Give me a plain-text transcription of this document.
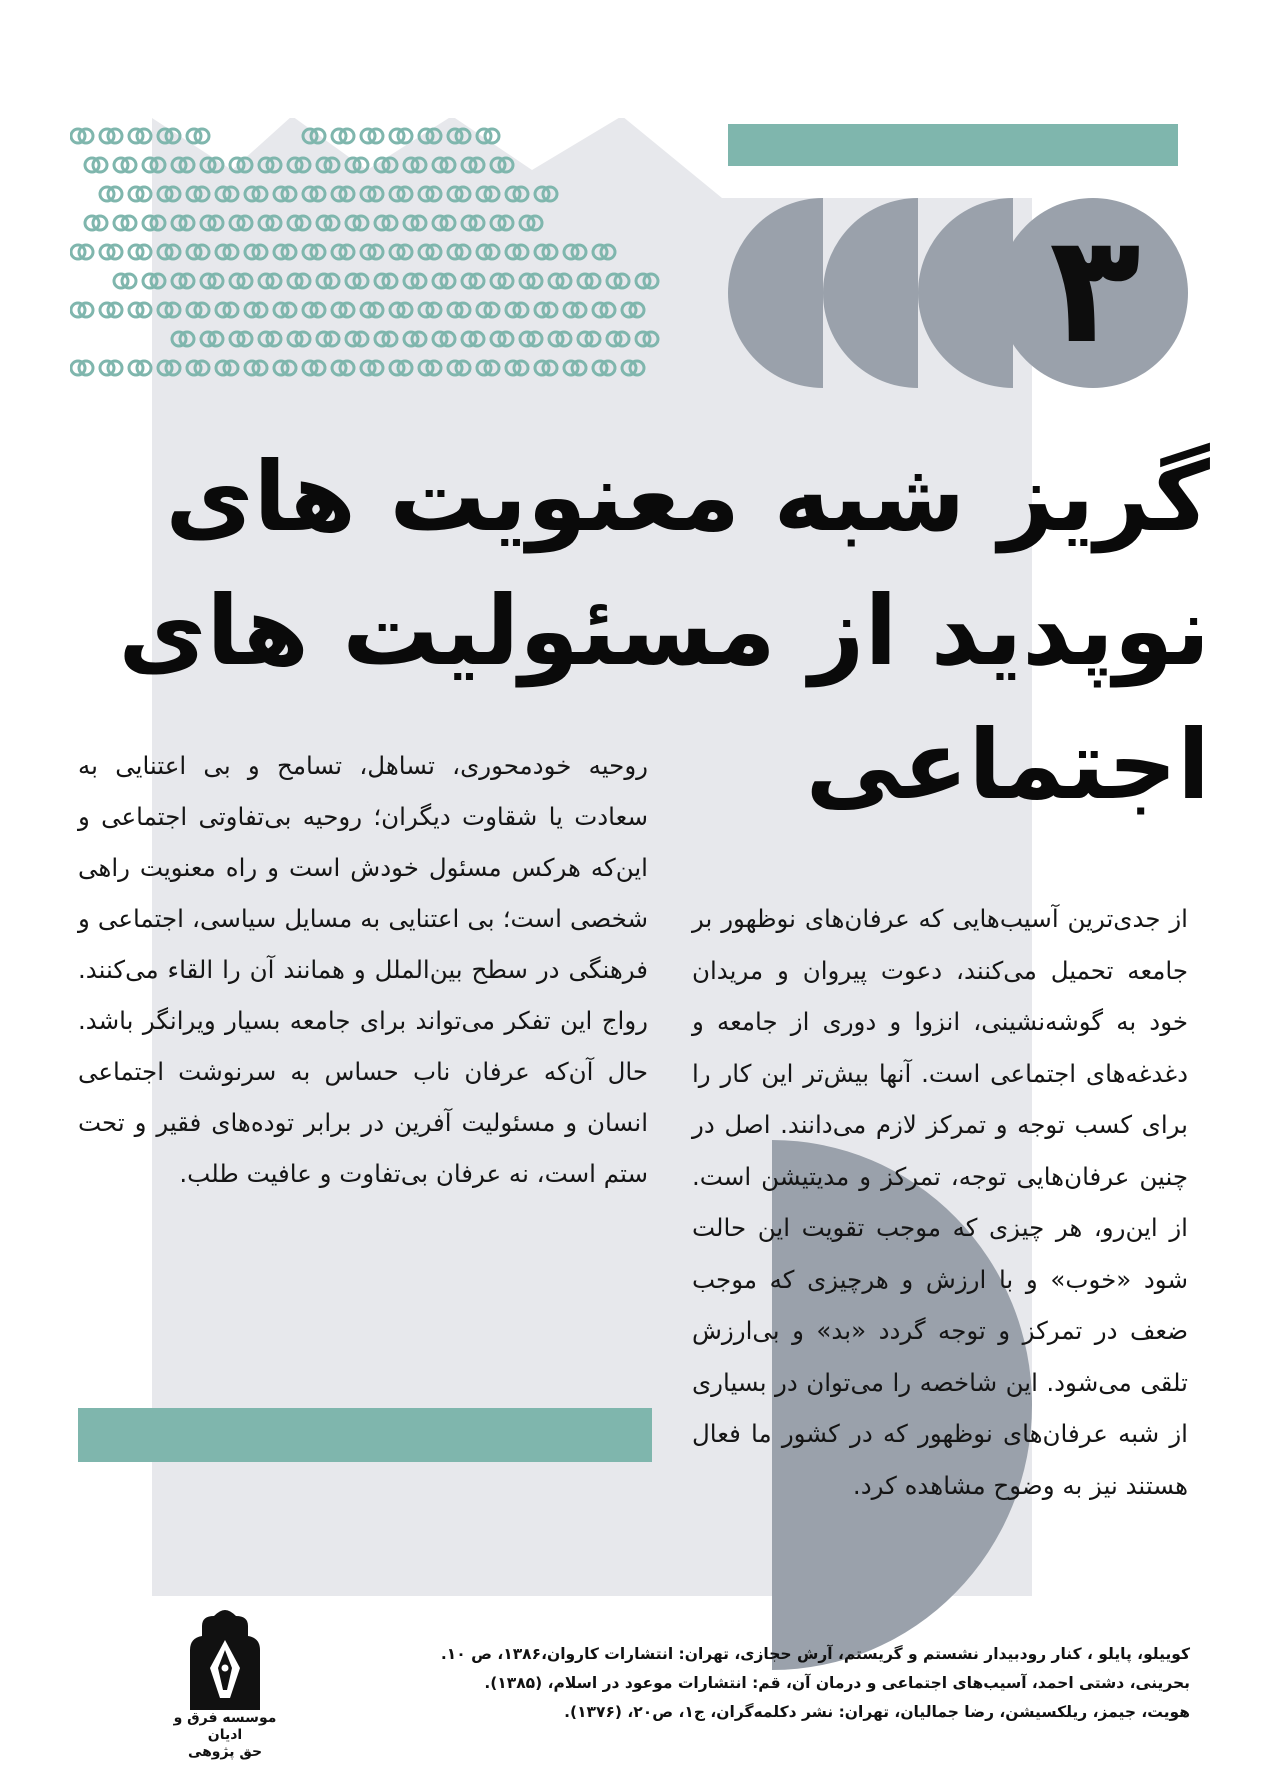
۳
گریز شبه معنویت های
نوپدید از مسئولیت های
اجتماعی
روحیه خودمحوری، تساهل، تسامح و بی اعتنایی به سعادت یا شقاوت دیگران؛ روحیه بی‌تفاوتی اجتماعی و این‌که هرکس مسئول خودش است و راه معنویت راهی شخصی است؛ بی اعتنایی به مسایل سیاسی، اجتماعی و فرهنگی در سطح بین‌الملل و همانند آن را القاء می‌کنند. رواج این تفکر می‌تواند برای جامعه بسیار ویرانگر باشد. حال آن‌که عرفان ناب حساس به سرنوشت اجتماعی انسان و مسئولیت آفرین در برابر توده‌های فقیر و تحت ستم است، نه عرفان بی‌تفاوت و عافیت طلب.
از جدی‌ترین آسیب‌هایی که عرفان‌های نوظهور بر جامعه تحمیل می‌کنند، دعوت پیروان و مریدان خود به گوشه‌نشینی، انزوا و دوری از جامعه و دغدغه‌های اجتماعی است. آنها بیش‌تر این کار را برای کسب توجه و تمرکز لازم می‌دانند. اصل در چنین عرفان‌هایی توجه، تمرکز و مدیتیشن است. از این‌رو، هر چیزی که موجب تقویت این حالت شود «خوب» و با ارزش و هرچیزی که موجب ضعف در تمرکز و توجه گردد «بد» و بی‌ارزش تلقی می‌شود. این شاخصه را می‌توان در بسیاری از شبه عرفان‌های نوظهور که در کشور ما فعال هستند نیز به وضوح مشاهده کرد.
موسسه فرق و ادیان
حق پژوهی
کوییلو، پایلو ، کنار رودبیدار نشستم و گریستم، آرش حجازی، تهران: انتشارات کاروان،۱۳۸۶، ص ۱۰.
بحرینی، دشتی احمد، آسیب‌های اجتماعی و درمان آن، قم: انتشارات موعود در اسلام، (۱۳۸۵).
هویت، جیمز، ریلکسیشن، رضا جمالیان، تهران: نشر دکلمه‌گران، ج۱، ص۲۰، (۱۳۷۶).
